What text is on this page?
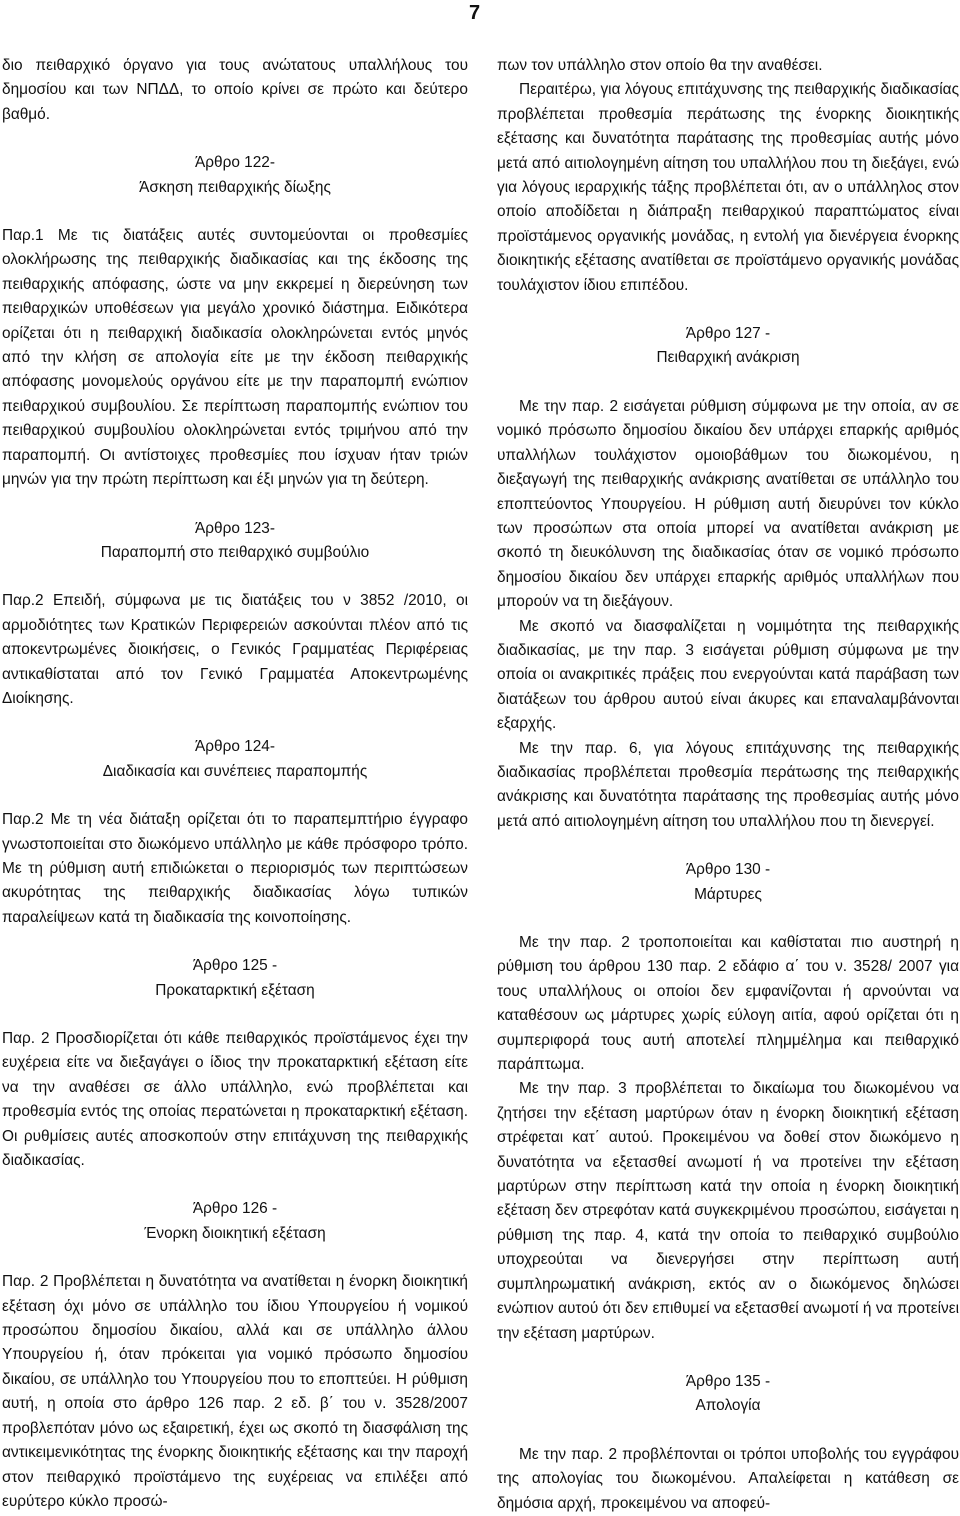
7

διο πειθαρχικό όργανο για τους ανώτατους υπαλλήλους του δημοσίου και των ΝΠΔΔ, το οποίο κρίνει σε πρώτο και δεύτερο βαθμό.

Άρθρο 122-
Άσκηση πειθαρχικής δίωξης

Παρ.1 Με τις διατάξεις αυτές συντομεύονται οι προθεσμίες ολοκλήρωσης της πειθαρχικής διαδικασίας και της έκδοσης της πειθαρχικής απόφασης, ώστε να μην εκκρεμεί η διερεύνηση των πειθαρχικών υποθέσεων για μεγάλο χρονικό διάστημα. Ειδικότερα ορίζεται ότι η πειθαρχική διαδικασία ολοκληρώνεται εντός μηνός από την κλήση σε απολογία είτε με την έκδοση πειθαρχικής απόφασης μονομελούς οργάνου είτε με την παραπομπή ενώπιον πειθαρχικού συμβουλίου. Σε περίπτωση παραπομπής ενώπιον του πειθαρχικού συμβουλίου ολοκληρώνεται εντός τριμήνου από την παραπομπή. Οι αντίστοιχες προθεσμίες που ίσχυαν ήταν τριών μηνών για την πρώτη περίπτωση και έξι μηνών για τη δεύτερη.

Άρθρο 123-
Παραπομπή στο πειθαρχικό συμβούλιο

Παρ.2 Επειδή, σύμφωνα με τις διατάξεις του ν 3852 /2010, οι αρμοδιότητες των Κρατικών Περιφερειών ασκούνται πλέον από τις αποκεντρωμένες διοικήσεις, ο Γενικός Γραμματέας Περιφέρειας αντικαθίσταται από τον Γενικό Γραμματέα Αποκεντρωμένης Διοίκησης.

Άρθρο 124-
Διαδικασία και συνέπειες παραπομπής

Παρ.2 Με τη νέα διάταξη ορίζεται ότι το παραπεμπτήριο έγγραφο γνωστοποιείται στο διωκόμενο υπάλληλο με κάθε πρόσφορο τρόπο. Με τη ρύθμιση αυτή επιδιώκεται ο περιορισμός των περιπτώσεων ακυρότητας της πειθαρχικής διαδικασίας λόγω τυπικών παραλείψεων κατά τη διαδικασία της κοινοποίησης.

Άρθρο 125 -
Προκαταρκτική εξέταση

Παρ. 2 Προσδιορίζεται ότι κάθε πειθαρχικός προϊστάμενος έχει την ευχέρεια είτε να διεξαγάγει ο ίδιος την προκαταρκτική εξέταση είτε να την αναθέσει σε άλλο υπάλληλο, ενώ προβλέπεται και προθεσμία εντός της οποίας περατώνεται η προκαταρκτική εξέταση. Οι ρυθμίσεις αυτές αποσκοπούν στην επιτάχυνση της πειθαρχικής διαδικασίας.

Άρθρο 126 -
Ένορκη διοικητική εξέταση

Παρ. 2 Προβλέπεται η δυνατότητα να ανατίθεται η ένορκη διοικητική εξέταση όχι μόνο σε υπάλληλο του ίδιου Υπουργείου ή νομικού προσώπου δημοσίου δικαίου, αλλά και σε υπάλληλο άλλου Υπουργείου ή, όταν πρόκειται για νομικό πρόσωπο δημοσίου δικαίου, σε υπάλληλο του Υπουργείου που το εποπτεύει. Η ρύθμιση αυτή, η οποία στο άρθρο 126 παρ. 2 εδ. β΄ του ν. 3528/2007 προβλεπόταν μόνο ως εξαιρετική, έχει ως σκοπό τη διασφάλιση της αντικειμενικότητας της ένορκης διοικητικής εξέτασης και την παροχή στον πειθαρχικό προϊστάμενο της ευχέρειας να επιλέξει από ευρύτερο κύκλο προσώ-

πων τον υπάλληλο στον οποίο θα την αναθέσει.

Περαιτέρω, για λόγους επιτάχυνσης της πειθαρχικής διαδικασίας προβλέπεται προθεσμία περάτωσης της ένορκης διοικητικής εξέτασης και δυνατότητα παράτασης της προθεσμίας αυτής μόνο μετά από αιτιολογημένη αίτηση του υπαλλήλου που τη διεξάγει, ενώ για λόγους ιεραρχικής τάξης προβλέπεται ότι, αν ο υπάλληλος στον οποίο αποδίδεται η διάπραξη πειθαρχικού παραπτώματος είναι προϊστάμενος οργανικής μονάδας, η εντολή για διενέργεια ένορκης διοικητικής εξέτασης ανατίθεται σε προϊστάμενο οργανικής μονάδας τουλάχιστον ίδιου επιπέδου.

Άρθρο 127 -
Πειθαρχική ανάκριση

Με την παρ. 2 εισάγεται ρύθμιση σύμφωνα με την οποία, αν σε νομικό πρόσωπο δημοσίου δικαίου δεν υπάρχει επαρκής αριθμός υπαλλήλων τουλάχιστον ομοιοβάθμων του διωκομένου, η διεξαγωγή της πειθαρχικής ανάκρισης ανατίθεται σε υπάλληλο του εποπτεύοντος Υπουργείου. Η ρύθμιση αυτή διευρύνει τον κύκλο των προσώπων στα οποία μπορεί να ανατίθεται ανάκριση με σκοπό τη διευκόλυνση της διαδικασίας όταν σε νομικό πρόσωπο δημοσίου δικαίου δεν υπάρχει επαρκής αριθμός υπαλλήλων που μπορούν να τη διεξάγουν.

Με σκοπό να διασφαλίζεται η νομιμότητα της πειθαρχικής διαδικασίας, με την παρ. 3 εισάγεται ρύθμιση σύμφωνα με την οποία οι ανακριτικές πράξεις που ενεργούνται κατά παράβαση των διατάξεων του άρθρου αυτού είναι άκυρες και επαναλαμβάνονται εξαρχής.

Με την παρ. 6, για λόγους επιτάχυνσης της πειθαρχικής διαδικασίας προβλέπεται προθεσμία περάτωσης της πειθαρχικής ανάκρισης και δυνατότητα παράτασης της προθεσμίας αυτής μόνο μετά από αιτιολογημένη αίτηση του υπαλλήλου που τη διενεργεί.

Άρθρο 130 -
Μάρτυρες

Με την παρ. 2 τροποποιείται και καθίσταται πιο αυστηρή η ρύθμιση του άρθρου 130 παρ. 2 εδάφιο α΄ του ν. 3528/ 2007 για τους υπαλλήλους οι οποίοι δεν εμφανίζονται ή αρνούνται να καταθέσουν ως μάρτυρες χωρίς εύλογη αιτία, αφού ορίζεται ότι η συμπεριφορά τους αυτή αποτελεί πλημμέλημα και πειθαρχικό παράπτωμα.

Με την παρ. 3 προβλέπεται το δικαίωμα του διωκομένου να ζητήσει την εξέταση μαρτύρων όταν η ένορκη διοικητική εξέταση στρέφεται κατ΄ αυτού. Προκειμένου να δοθεί στον διωκόμενο η δυνατότητα να εξετασθεί ανωμοτί ή να προτείνει την εξέταση μαρτύρων στην περίπτωση κατά την οποία η ένορκη διοικητική εξέταση δεν στρεφόταν κατά συγκεκριμένου προσώπου, εισάγεται η ρύθμιση της παρ. 4, κατά την οποία το πειθαρχικό συμβούλιο υποχρεούται να διενεργήσει στην περίπτωση αυτή συμπληρωματική ανάκριση, εκτός αν ο διωκόμενος δηλώσει ενώπιον αυτού ότι δεν επιθυμεί να εξετασθεί ανωμοτί ή να προτείνει την εξέταση μαρτύρων.

Άρθρο 135 -
Απολογία

Με την παρ. 2 προβλέπονται οι τρόποι υποβολής του εγγράφου της απολογίας του διωκομένου. Απαλείφεται η κατάθεση σε δημόσια αρχή, προκειμένου να αποφεύ-
